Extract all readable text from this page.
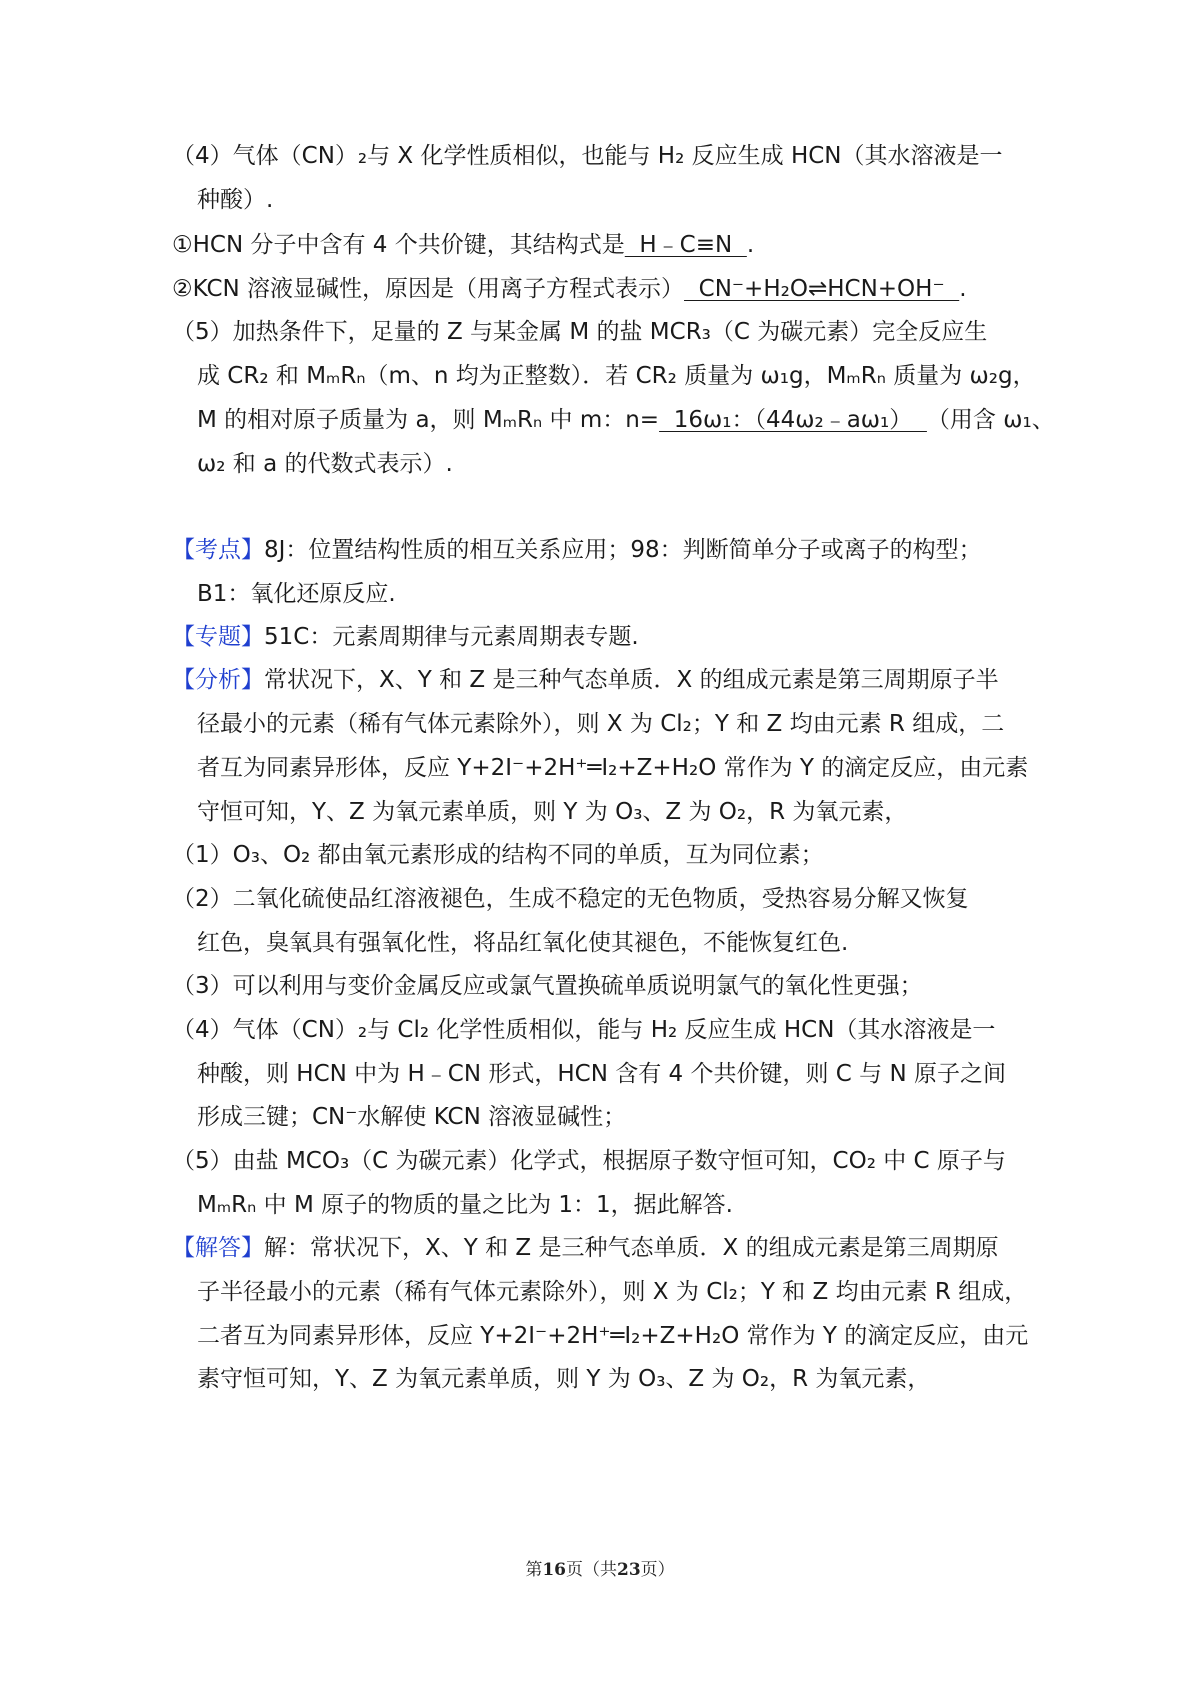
（4）气体（CN）₂与 X 化学性质相似，也能与 H₂ 反应生成 HCN（其水溶液是一
种酸）.
①HCN 分子中含有 4 个共价键，其结构式是  H﹣C≡N  .
②KCN 溶液显碱性，原因是（用离子方程式表示）  CN⁻+H₂O⇌HCN+OH⁻  .
（5）加热条件下，足量的 Z 与某金属 M 的盐 MCR₃（C 为碳元素）完全反应生
成 CR₂ 和 MₘRₙ（m、n 均为正整数）．若 CR₂ 质量为 ω₁g，MₘRₙ 质量为 ω₂g，
M 的相对原子质量为 a，则 MₘRₙ 中 m：n=  16ω₁：（44ω₂﹣aω₁）  （用含 ω₁、
ω₂ 和 a 的代数式表示）.
【考点】8J：位置结构性质的相互关系应用；98：判断简单分子或离子的构型；
B1：氧化还原反应.
【专题】51C：元素周期律与元素周期表专题.
【分析】常状况下，X、Y 和 Z 是三种气态单质．X 的组成元素是第三周期原子半
径最小的元素（稀有气体元素除外），则 X 为 Cl₂；Y 和 Z 均由元素 R 组成，二
者互为同素异形体，反应 Y+2I⁻+2H⁺═I₂+Z+H₂O 常作为 Y 的滴定反应，由元素
守恒可知，Y、Z 为氧元素单质，则 Y 为 O₃、Z 为 O₂，R 为氧元素，
（1）O₃、O₂ 都由氧元素形成的结构不同的单质，互为同位素；
（2）二氧化硫使品红溶液褪色，生成不稳定的无色物质，受热容易分解又恢复
红色，臭氧具有强氧化性，将品红氧化使其褪色，不能恢复红色.
（3）可以利用与变价金属反应或氯气置换硫单质说明氯气的氧化性更强；
（4）气体（CN）₂与 Cl₂ 化学性质相似，能与 H₂ 反应生成 HCN（其水溶液是一
种酸，则 HCN 中为 H﹣CN 形式，HCN 含有 4 个共价键，则 C 与 N 原子之间
形成三键；CN⁻水解使 KCN 溶液显碱性；
（5）由盐 MCO₃（C 为碳元素）化学式，根据原子数守恒可知，CO₂ 中 C 原子与
MₘRₙ 中 M 原子的物质的量之比为 1：1，据此解答.
【解答】解：常状况下，X、Y 和 Z 是三种气态单质．X 的组成元素是第三周期原
子半径最小的元素（稀有气体元素除外），则 X 为 Cl₂；Y 和 Z 均由元素 R 组成，
二者互为同素异形体，反应 Y+2I⁻+2H⁺═I₂+Z+H₂O 常作为 Y 的滴定反应，由元
素守恒可知，Y、Z 为氧元素单质，则 Y 为 O₃、Z 为 O₂，R 为氧元素，
第16页（共23页）
